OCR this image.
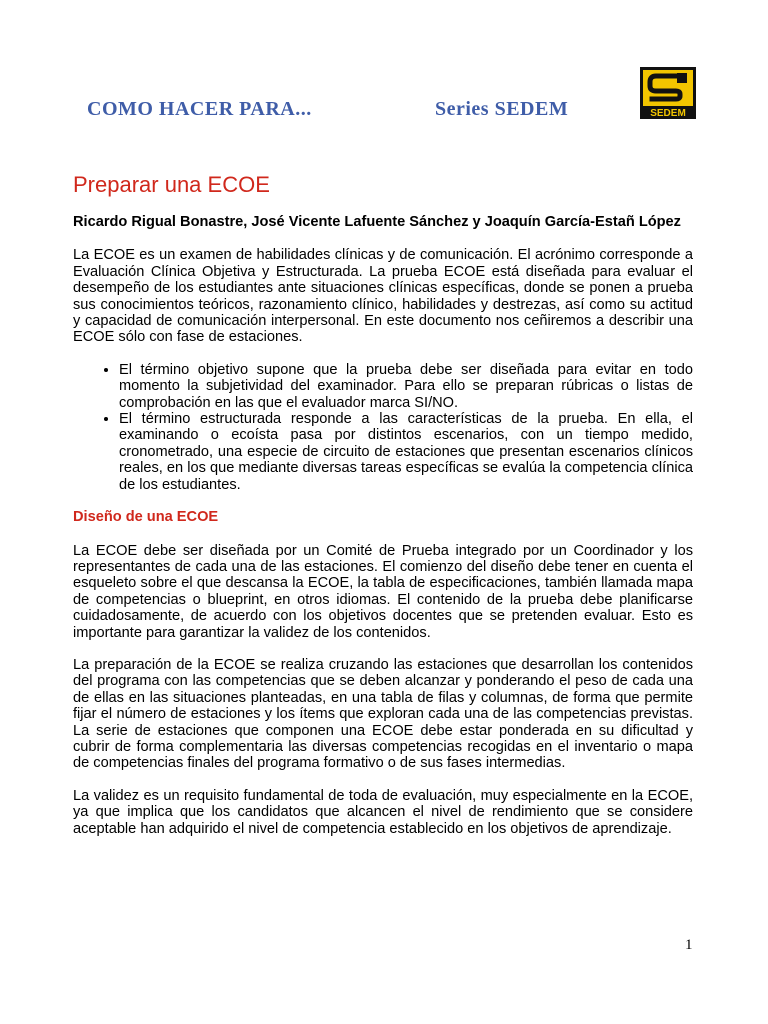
COMO HACER PARA...	Series SEDEM	SEDEM
Preparar una ECOE

Ricardo Rigual Bonastre, José Vicente Lafuente Sánchez y Joaquín García-Estañ López

La ECOE es un examen de habilidades clínicas y de comunicación. El acrónimo corresponde a Evaluación Clínica Objetiva y Estructurada. La prueba ECOE está diseñada para evaluar el desempeño de los estudiantes ante situaciones clínicas específicas, donde se ponen a prueba sus conocimientos teóricos, razonamiento clínico, habilidades y destrezas, así como su actitud y capacidad de comunicación interpersonal. En este documento nos ceñiremos a describir una ECOE sólo con fase de estaciones.

• El término objetivo supone que la prueba debe ser diseñada para evitar en todo momento la subjetividad del examinador. Para ello se preparan rúbricas o listas de comprobación en las que el evaluador marca SI/NO.
• El término estructurada responde a las características de la prueba. En ella, el examinando o ecoísta pasa por distintos escenarios, con un tiempo medido, cronometrado, una especie de circuito de estaciones que presentan escenarios clínicos reales, en los que mediante diversas tareas específicas se evalúa la competencia clínica de los estudiantes.
Diseño de una ECOE

La ECOE debe ser diseñada por un Comité de Prueba integrado por un Coordinador y los representantes de cada una de las estaciones. El comienzo del diseño debe tener en cuenta el esqueleto sobre el que descansa la ECOE, la tabla de especificaciones, también llamada mapa de competencias o blueprint, en otros idiomas. El contenido de la prueba debe planificarse cuidadosamente, de acuerdo con los objetivos docentes que se pretenden evaluar. Esto es importante para garantizar la validez de los contenidos.

La preparación de la ECOE se realiza cruzando las estaciones que desarrollan los contenidos del programa con las competencias que se deben alcanzar y ponderando el peso de cada una de ellas en las situaciones planteadas, en una tabla de filas y columnas, de forma que permite fijar el número de estaciones y los ítems que exploran cada una de las competencias previstas. La serie de estaciones que componen una ECOE debe estar ponderada en su dificultad y cubrir de forma complementaria las diversas competencias recogidas en el inventario o mapa de competencias finales del programa formativo o de sus fases intermedias.

La validez es un requisito fundamental de toda de evaluación, muy especialmente en la ECOE, ya que implica que los candidatos que alcancen el nivel de rendimiento que se considere aceptable han adquirido el nivel de competencia establecido en los objetivos de aprendizaje.

1
